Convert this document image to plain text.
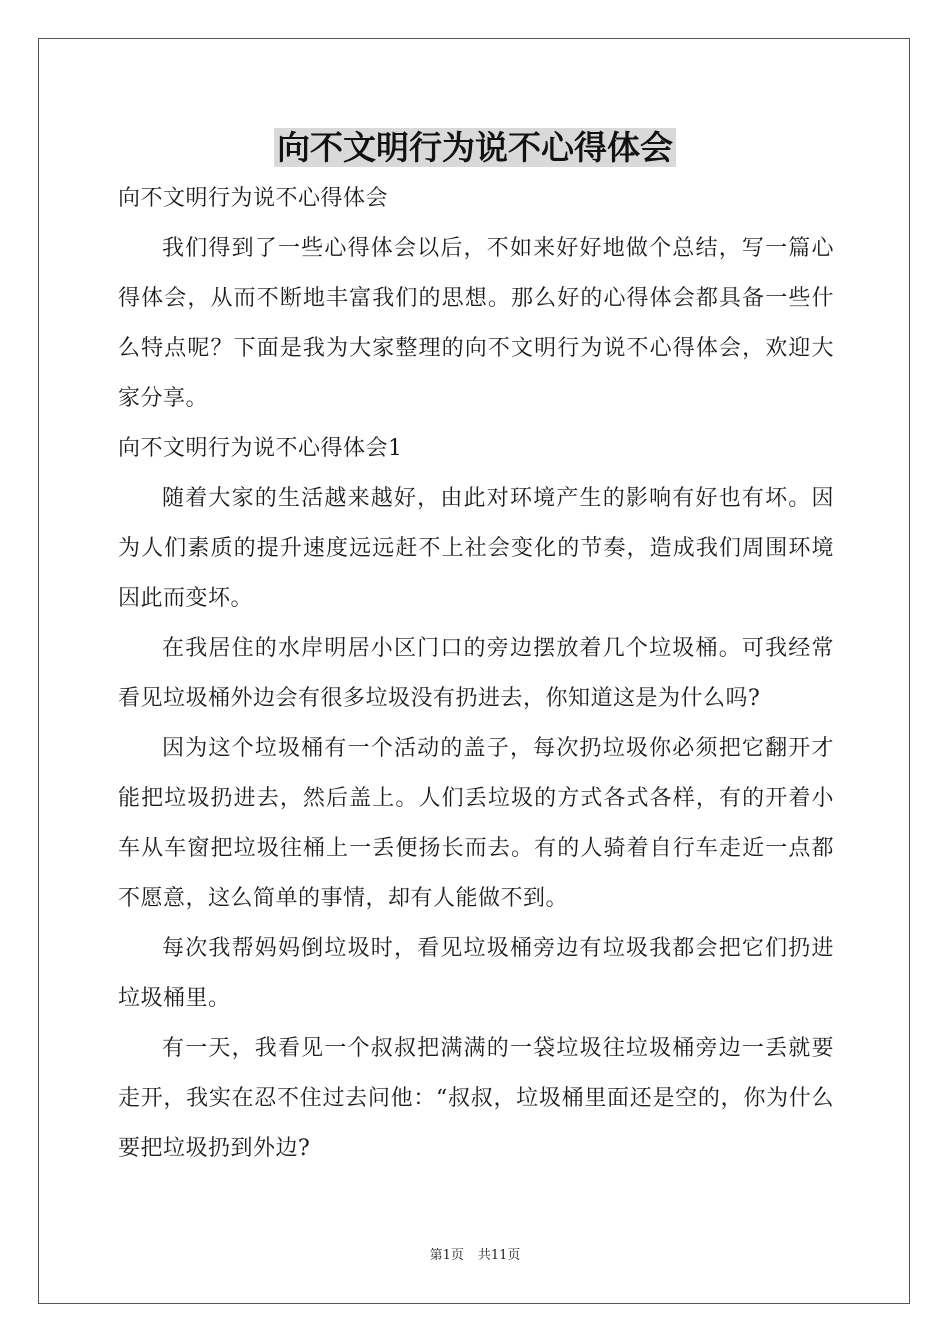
向不文明行为说不心得体会

向不文明行为说不心得体会

我们得到了一些心得体会以后，不如来好好地做个总结，写一篇心得体会，从而不断地丰富我们的思想。那么好的心得体会都具备一些什么特点呢？下面是我为大家整理的向不文明行为说不心得体会，欢迎大家分享。

向不文明行为说不心得体会1

随着大家的生活越来越好，由此对环境产生的影响有好也有坏。因为人们素质的提升速度远远赶不上社会变化的节奏，造成我们周围环境因此而变坏。

在我居住的水岸明居小区门口的旁边摆放着几个垃圾桶。可我经常看见垃圾桶外边会有很多垃圾没有扔进去，你知道这是为什么吗?

因为这个垃圾桶有一个活动的盖子，每次扔垃圾你必须把它翻开才能把垃圾扔进去，然后盖上。人们丢垃圾的方式各式各样，有的开着小车从车窗把垃圾往桶上一丢便扬长而去。有的人骑着自行车走近一点都不愿意，这么简单的事情，却有人能做不到。

每次我帮妈妈倒垃圾时，看见垃圾桶旁边有垃圾我都会把它们扔进垃圾桶里。

有一天，我看见一个叔叔把满满的一袋垃圾往垃圾桶旁边一丢就要走开，我实在忍不住过去问他：“叔叔，垃圾桶里面还是空的，你为什么要把垃圾扔到外边?

第1页 共11页
